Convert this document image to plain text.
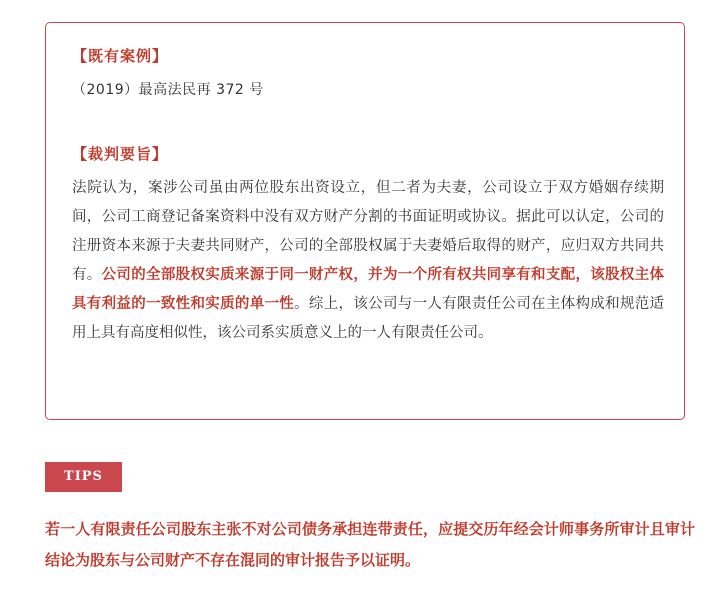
【既有案例】

（2019）最高法民再 372 号

【裁判要旨】

法院认为，案涉公司虽由两位股东出资设立，但二者为夫妻，公司设立于双方婚姻存续期间，公司工商登记备案资料中没有双方财产分割的书面证明或协议。据此可以认定，公司的注册资本来源于夫妻共同财产，公司的全部股权属于夫妻婚后取得的财产，应归双方共同共有。公司的全部股权实质来源于同一财产权，并为一个所有权共同享有和支配，该股权主体具有利益的一致性和实质的单一性。综上，该公司与一人有限责任公司在主体构成和规范适用上具有高度相似性，该公司系实质意义上的一人有限责任公司。

TIPS

若一人有限责任公司股东主张不对公司债务承担连带责任，应提交历年经会计师事务所审计且审计结论为股东与公司财产不存在混同的审计报告予以证明。
